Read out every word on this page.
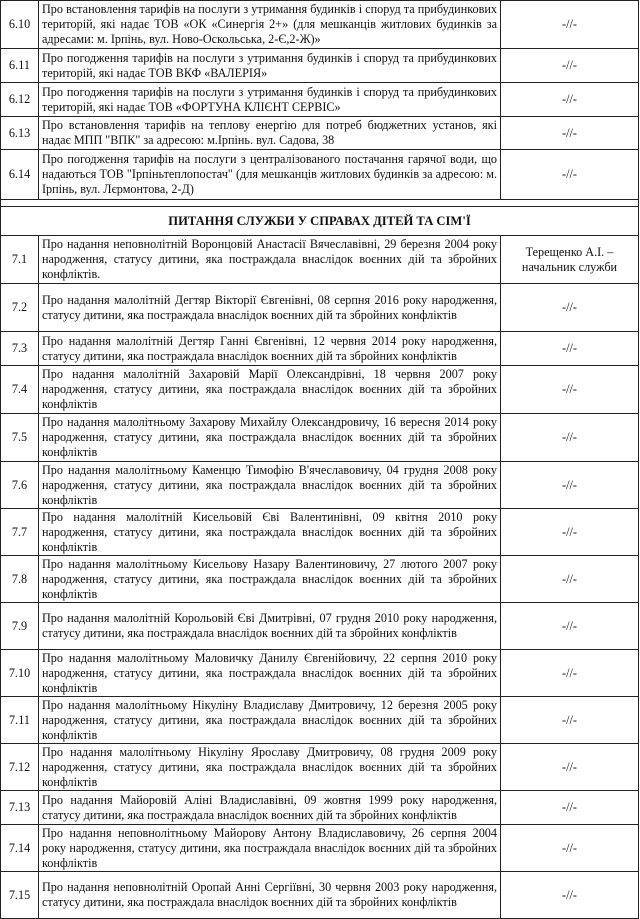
6.10	Про встановлення тарифів на послуги з утримання будинків і споруд та прибудинкових територій, які надає ТОВ «ОК «Синергія 2+» (для мешканців житлових будинків за адресами: м. Ірпінь, вул. Ново-Оскольська, 2-Є,2-Ж)»	-//-
6.11	Про погодження тарифів на послуги з утримання будинків і споруд та прибудинкових територій, які надає ТОВ ВКФ «ВАЛЕРІЯ»	-//-
6.12	Про погодження тарифів на послуги з утримання будинків і споруд та прибудинкових територій, які надає ТОВ «ФОРТУНА КЛІЄНТ СЕРВІС»	-//-
6.13	Про встановлення тарифів на теплову енергію для потреб бюджетних установ, які надає МПП "ВПК" за адресою: м.Ірпінь. вул. Садова, 38	-//-
6.14	Про погодження тарифів на послуги з централізованого постачання гарячої води, що надаються ТОВ "Ірпіньтеплопостач" (для мешканців житлових будинків за адресою: м. Ірпінь, вул. Лєрмонтова, 2-Д)	-//-

ПИТАННЯ СЛУЖБИ У СПРАВАХ ДІТЕЙ ТА СІМ'Ї		
7.1	Про надання неповнолітній Воронцовій Анастасії Вячеславівні, 29 березня 2004 року народження, статусу дитини, яка постраждала внаслідок воєнних дій та збройних конфліктів.	Терещенко А.І. – начальник служби
7.2	Про надання малолітній Дегтяр Вікторії Євгенівні, 08 серпня 2016 року народження, статусу дитини, яка постраждала внаслідок воєнних дій та збройних конфліктів	-//-
7.3	Про надання малолітній Дегтяр Ганні Євгенівні, 12 червня 2014 року народження, статусу дитини, яка постраждала внаслідок воєнних дій та збройних конфліктів	-//-
7.4	Про надання малолітній Захаровій Марії Олександрівні, 18 червня 2007 року народження, статусу дитини, яка постраждала внаслідок воєнних дій та збройних конфліктів	-//-
7.5	Про надання малолітньому Захарову Михайлу Олександровичу, 16 вересня 2014 року народження, статусу дитини, яка постраждала внаслідок воєнних дій та збройних конфліктів	-//-
7.6	Про надання малолітньому Каменцю Тимофію В'ячеславовичу, 04 грудня 2008 року народження, статусу дитини, яка постраждала внаслідок воєнних дій та збройних конфліктів	-//-
7.7	Про надання малолітній Кисельовій Єві Валентинівні, 09 квітня 2010 року народження, статусу дитини, яка постраждала внаслідок воєнних дій та збройних конфліктів	-//-
7.8	Про надання малолітньому Кисельову Назару Валентиновичу, 27 лютого 2007 року народження, статусу дитини, яка постраждала внаслідок воєнних дій та збройних конфліктів	-//-
7.9	Про надання малолітній Корольовій Єві Дмитрівні, 07 грудня 2010 року народження, статусу дитини, яка постраждала внаслідок воєнних дій та збройних конфліктів	-//-
7.10	Про надання малолітньому Маловичку Данилу Євгенійовичу, 22 серпня 2010 року народження, статусу дитини, яка постраждала внаслідок воєнних дій та збройних конфліктів	-//-
7.11	Про надання малолітньому Нікуліну Владиславу Дмитровичу, 12 березня 2005 року народження, статусу дитини, яка постраждала внаслідок воєнних дій та збройних конфліктів	-//-
7.12	Про надання малолітньому Нікуліну Ярославу Дмитровичу, 08 грудня 2009 року народження, статусу дитини, яка постраждала внаслідок воєнних дій та збройних конфліктів	-//-
7.13	Про надання Майоровій Аліні Владиславівні, 09 жовтня 1999 року народження, статусу дитини, яка постраждала внаслідок воєнних дій та збройних конфліктів	-//-
7.14	Про надання неповнолітньому Майорову Антону Владиславовичу, 26 серпня 2004 року народження, статусу дитини, яка постраждала внаслідок воєнних дій та збройних конфліктів	-//-
7.15	Про надання неповнолітній Оропай Анні Сергіївні, 30 червня 2003 року народження, статусу дитини, яка постраждала внаслідок воєнних дій та збройних конфліктів	-//-
